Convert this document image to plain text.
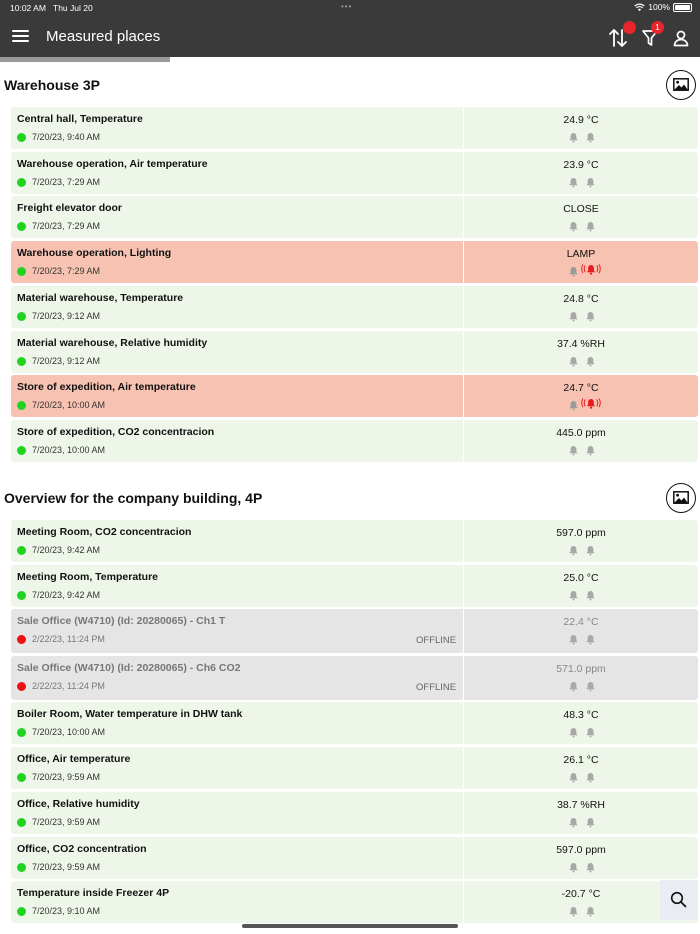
10:02 AM Thu Jul 20	•••	100%
Measured places
1
Warehouse 3P
Central hall, Temperature
7/20/23, 9:40 AM
24.9 °C
Warehouse operation, Air temperature
7/20/23, 7:29 AM
23.9 °C
Freight elevator door
7/20/23, 7:29 AM
CLOSE
Warehouse operation, Lighting
7/20/23, 7:29 AM
LAMP
Material warehouse, Temperature
7/20/23, 9:12 AM
24.8 °C
Material warehouse, Relative humidity
7/20/23, 9:12 AM
37.4 %RH
Store of expedition, Air temperature
7/20/23, 10:00 AM
24.7 °C
Store of expedition, CO2 concentracion
7/20/23, 10:00 AM
445.0 ppm
Overview for the company building, 4P
Meeting Room, CO2 concentracion
7/20/23, 9:42 AM
597.0 ppm
Meeting Room, Temperature
7/20/23, 9:42 AM
25.0 °C
Sale Office (W4710) (Id: 20280065) - Ch1 T
2/22/23, 11:24 PM	OFFLINE
22.4 °C
Sale Office (W4710) (Id: 20280065) - Ch6 CO2
2/22/23, 11:24 PM	OFFLINE
571.0 ppm
Boiler Room, Water temperature in DHW tank
7/20/23, 10:00 AM
48.3 °C
Office, Air temperature
7/20/23, 9:59 AM
26.1 °C
Office, Relative humidity
7/20/23, 9:59 AM
38.7 %RH
Office, CO2 concentration
7/20/23, 9:59 AM
597.0 ppm
Temperature inside Freezer 4P
7/20/23, 9:10 AM
-20.7 °C
